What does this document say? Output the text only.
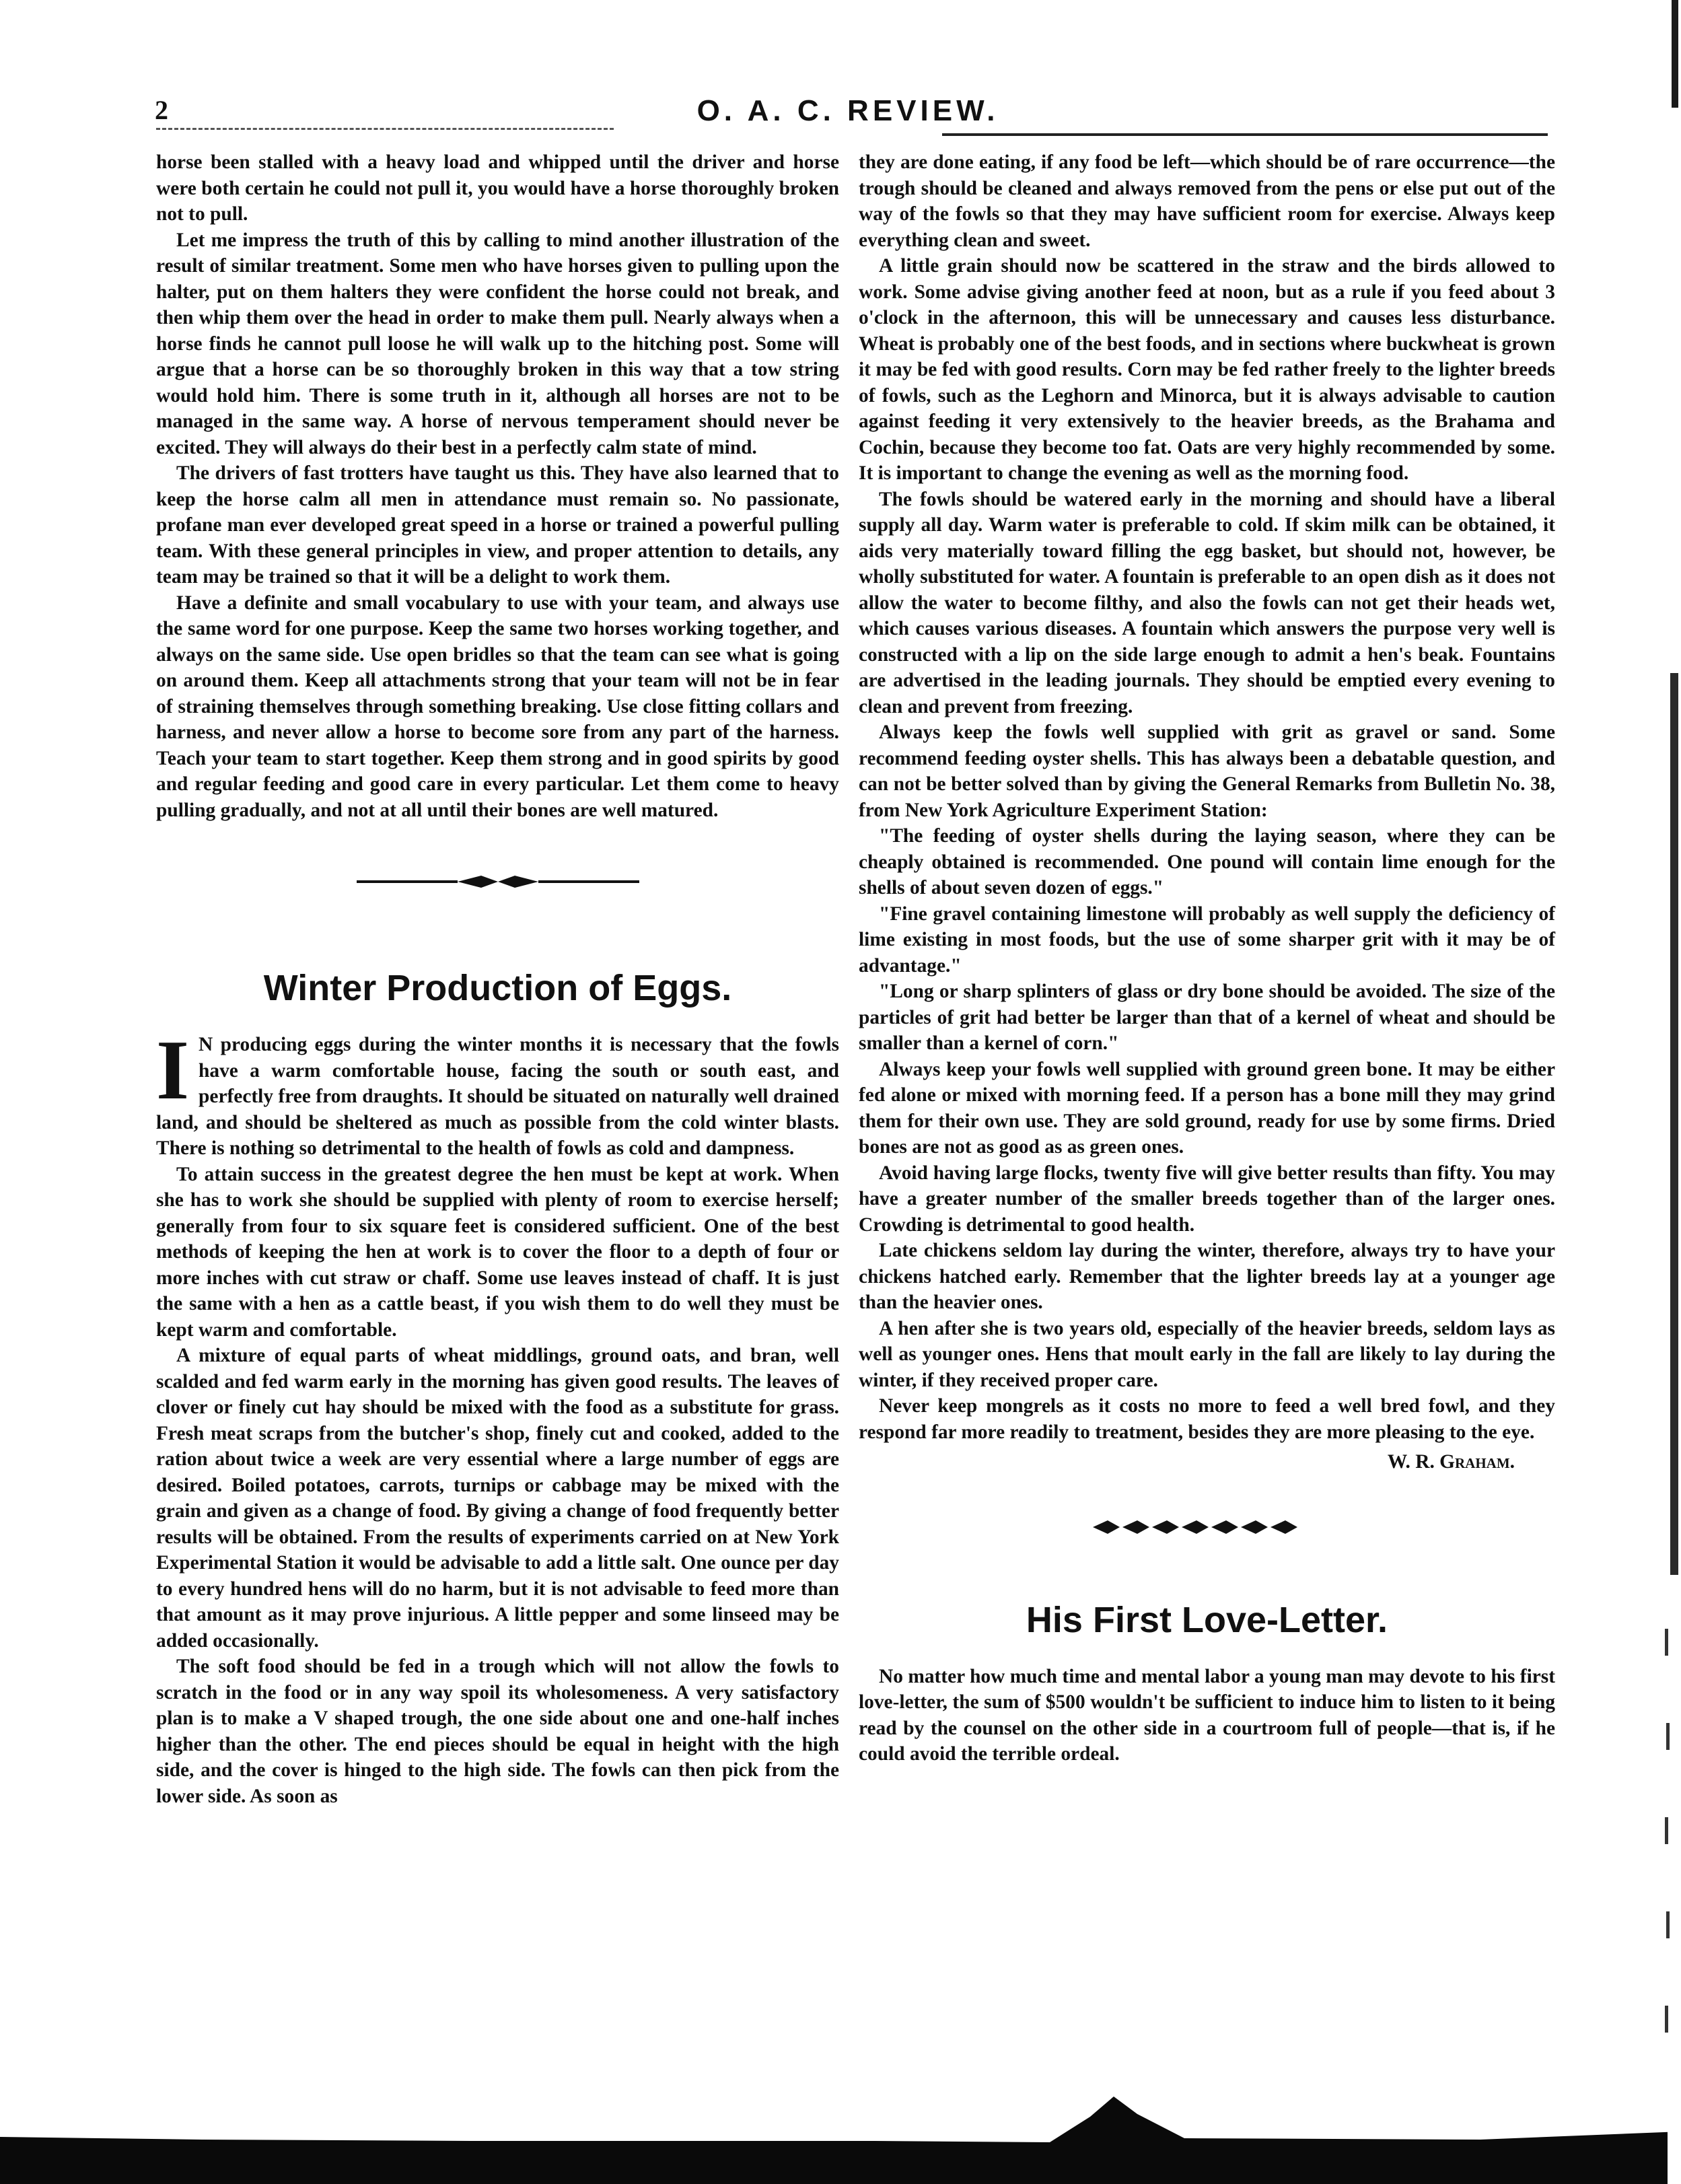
2	O. A. C. REVIEW.

horse been stalled with a heavy load and whipped until the driver and horse were both certain he could not pull it, you would have a horse thoroughly broken not to pull.

Let me impress the truth of this by calling to mind another illustration of the result of similar treatment. Some men who have horses given to pulling upon the halter, put on them halters they were confident the horse could not break, and then whip them over the head in order to make them pull. Nearly always when a horse finds he cannot pull loose he will walk up to the hitching post. Some will argue that a horse can be so thoroughly broken in this way that a tow string would hold him. There is some truth in it, although all horses are not to be managed in the same way. A horse of nervous temperament should never be excited. They will always do their best in a perfectly calm state of mind.

The drivers of fast trotters have taught us this. They have also learned that to keep the horse calm all men in attendance must remain so. No passionate, profane man ever developed great speed in a horse or trained a powerful pulling team. With these general principles in view, and proper attention to details, any team may be trained so that it will be a delight to work them.

Have a definite and small vocabulary to use with your team, and always use the same word for one purpose. Keep the same two horses working together, and always on the same side. Use open bridles so that the team can see what is going on around them. Keep all attachments strong that your team will not be in fear of straining themselves through something breaking. Use close fitting collars and harness, and never allow a horse to become sore from any part of the harness. Teach your team to start together. Keep them strong and in good spirits by good and regular feeding and good care in every particular. Let them come to heavy pulling gradually, and not at all until their bones are well matured.

Winter Production of Eggs.

I N producing eggs during the winter months it is necessary that the fowls have a warm comfortable house, facing the south or south east, and perfectly free from draughts. It should be situated on naturally well drained land, and should be sheltered as much as possible from the cold winter blasts. There is nothing so detrimental to the health of fowls as cold and dampness.

To attain success in the greatest degree the hen must be kept at work. When she has to work she should be supplied with plenty of room to exercise herself; generally from four to six square feet is considered sufficient. One of the best methods of keeping the hen at work is to cover the floor to a depth of four or more inches with cut straw or chaff. Some use leaves instead of chaff. It is just the same with a hen as a cattle beast, if you wish them to do well they must be kept warm and comfortable.

A mixture of equal parts of wheat middlings, ground oats, and bran, well scalded and fed warm early in the morning has given good results. The leaves of clover or finely cut hay should be mixed with the food as a substitute for grass. Fresh meat scraps from the butcher's shop, finely cut and cooked, added to the ration about twice a week are very essential where a large number of eggs are desired. Boiled potatoes, carrots, turnips or cabbage may be mixed with the grain and given as a change of food. By giving a change of food frequently better results will be obtained. From the results of experiments carried on at New York Experimental Station it would be advisable to add a little salt. One ounce per day to every hundred hens will do no harm, but it is not advisable to feed more than that amount as it may prove injurious. A little pepper and some linseed may be added occasionally.

The soft food should be fed in a trough which will not allow the fowls to scratch in the food or in any way spoil its wholesomeness. A very satisfactory plan is to make a V shaped trough, the one side about one and one-half inches higher than the other. The end pieces should be equal in height with the high side, and the cover is hinged to the high side. The fowls can then pick from the lower side. As soon as

they are done eating, if any food be left—which should be of rare occurrence—the trough should be cleaned and always removed from the pens or else put out of the way of the fowls so that they may have sufficient room for exercise. Always keep everything clean and sweet.

A little grain should now be scattered in the straw and the birds allowed to work. Some advise giving another feed at noon, but as a rule if you feed about 3 o'clock in the afternoon, this will be unnecessary and causes less disturbance. Wheat is probably one of the best foods, and in sections where buckwheat is grown it may be fed with good results. Corn may be fed rather freely to the lighter breeds of fowls, such as the Leghorn and Minorca, but it is always advisable to caution against feeding it very extensively to the heavier breeds, as the Brahama and Cochin, because they become too fat. Oats are very highly recommended by some. It is important to change the evening as well as the morning food.

The fowls should be watered early in the morning and should have a liberal supply all day. Warm water is preferable to cold. If skim milk can be obtained, it aids very materially toward filling the egg basket, but should not, however, be wholly substituted for water. A fountain is preferable to an open dish as it does not allow the water to become filthy, and also the fowls can not get their heads wet, which causes various diseases. A fountain which answers the purpose very well is constructed with a lip on the side large enough to admit a hen's beak. Fountains are advertised in the leading journals. They should be emptied every evening to clean and prevent from freezing.

Always keep the fowls well supplied with grit as gravel or sand. Some recommend feeding oyster shells. This has always been a debatable question, and can not be better solved than by giving the General Remarks from Bulletin No. 38, from New York Agriculture Experiment Station:

"The feeding of oyster shells during the laying season, where they can be cheaply obtained is recommended. One pound will contain lime enough for the shells of about seven dozen of eggs."

"Fine gravel containing limestone will probably as well supply the deficiency of lime existing in most foods, but the use of some sharper grit with it may be of advantage."

"Long or sharp splinters of glass or dry bone should be avoided. The size of the particles of grit had better be larger than that of a kernel of wheat and should be smaller than a kernel of corn."

Always keep your fowls well supplied with ground green bone. It may be either fed alone or mixed with morning feed. If a person has a bone mill they may grind them for their own use. They are sold ground, ready for use by some firms. Dried bones are not as good as as green ones.

Avoid having large flocks, twenty five will give better results than fifty. You may have a greater number of the smaller breeds together than of the larger ones. Crowding is detrimental to good health.

Late chickens seldom lay during the winter, therefore, always try to have your chickens hatched early. Remember that the lighter breeds lay at a younger age than the heavier ones.

A hen after she is two years old, especially of the heavier breeds, seldom lays as well as younger ones. Hens that moult early in the fall are likely to lay during the winter, if they received proper care.

Never keep mongrels as it costs no more to feed a well bred fowl, and they respond far more readily to treatment, besides they are more pleasing to the eye.

W. R. Graham.
His First Love-Letter.

No matter how much time and mental labor a young man may devote to his first love-letter, the sum of $500 wouldn't be sufficient to induce him to listen to it being read by the counsel on the other side in a courtroom full of people—that is, if he could avoid the terrible ordeal.
